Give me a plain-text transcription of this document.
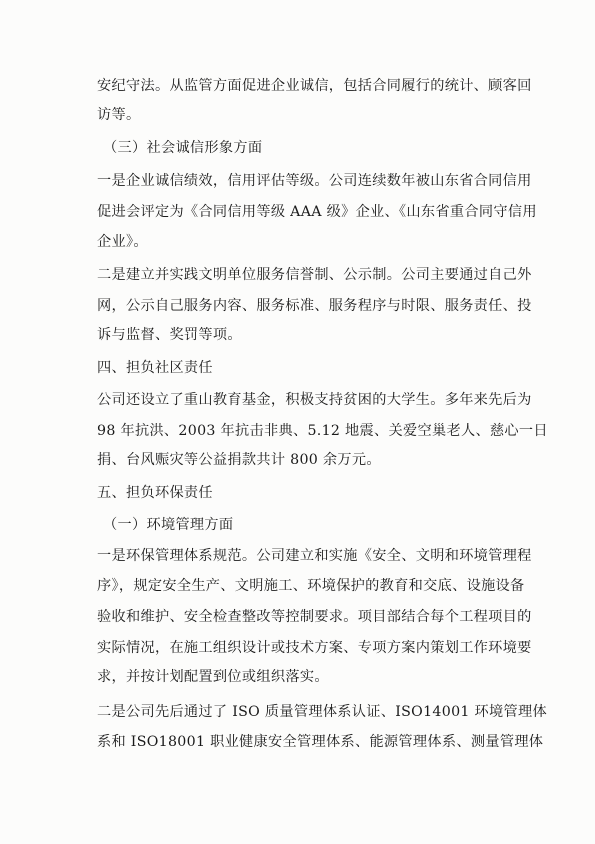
安纪守法。从监管方面促进企业诚信，包括合同履行的统计、顾客回
访等。
（三）社会诚信形象方面
一是企业诚信绩效，信用评估等级。公司连续数年被山东省合同信用
促进会评定为《合同信用等级 AAA 级》企业、《山东省重合同守信用
企业》。
二是建立并实践文明单位服务信誉制、公示制。公司主要通过自己外
网，公示自己服务内容、服务标准、服务程序与时限、服务责任、投
诉与监督、奖罚等项。
四、担负社区责任
公司还设立了重山教育基金，积极支持贫困的大学生。多年来先后为
98 年抗洪、2003 年抗击非典、5.12 地震、关爱空巢老人、慈心一日
捐、台风赈灾等公益捐款共计 800 余万元。
五、担负环保责任
（一）环境管理方面
一是环保管理体系规范。公司建立和实施《安全、文明和环境管理程
序》，规定安全生产、文明施工、环境保护的教育和交底、设施设备
验收和维护、安全检查整改等控制要求。项目部结合每个工程项目的
实际情况，在施工组织设计或技术方案、专项方案内策划工作环境要
求，并按计划配置到位或组织落实。
二是公司先后通过了 ISO 质量管理体系认证、ISO14001 环境管理体
系和 ISO18001 职业健康安全管理体系、能源管理体系、测量管理体
